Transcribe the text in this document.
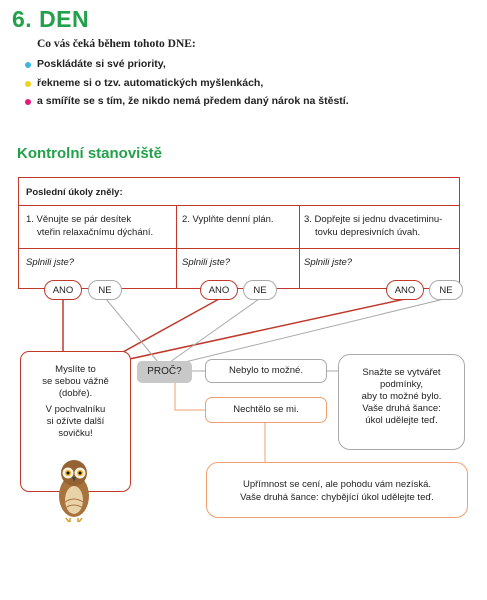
6. DEN
Co vás čeká během tohoto DNE:
Poskládáte si své priority,
řekneme si o tzv. automatických myšlenkách,
a smíříte se s tím, že nikdo nemá předem daný nárok na štěstí.
Kontrolní stanoviště
Poslední úkoly zněly:
1. Věnujte se pár desítek
vteřin relaxačnímu dýchání.
2. Vyplňte denní plán.	3. Dopřejte si jednu dvacetiminu-
tovku depresivních úvah.
Splnili jste?	Splnili jste?	Splnili jste?
ANO	NE	ANO	NE	ANO	NE
Myslíte to
se sebou vážně
(dobře).
V pochvalníku
si ožívte další
sovičku!
PROČ?	Nebylo to možné.	Snažte se vytvářet
podmínky,
aby to možné bylo.
Vaše druhá šance:
úkol udělejte teď.
Nechtělo se mi.
Upřímnost se cení, ale pohodu vám nezíská.
Vaše druhá šance: chybějící úkol udělejte teď.
